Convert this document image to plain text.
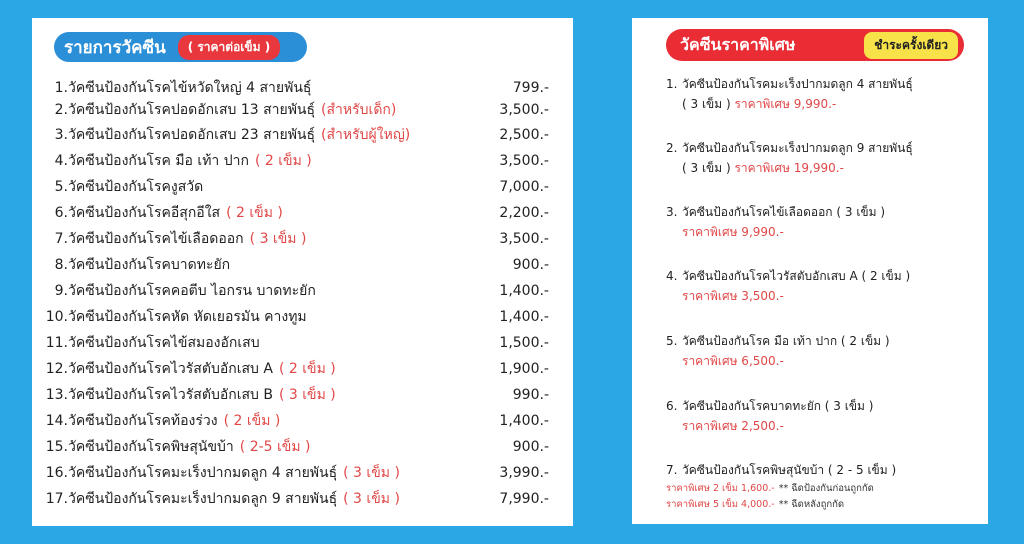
รายการวัคซีน	( ราคาต่อเข็ม )
1. วัคซีนป้องกันโรคไข้หวัดใหญ่ 4 สายพันธุ์	799.-
2. วัคซีนป้องกันโรคปอดอักเสบ 13 สายพันธุ์ (สำหรับเด็ก)	3,500.-
3. วัคซีนป้องกันโรคปอดอักเสบ 23 สายพันธุ์ (สำหรับผู้ใหญ่)	2,500.-
4. วัคซีนป้องกันโรค มือ เท้า ปาก ( 2 เข็ม )	3,500.-
5. วัคซีนป้องกันโรคงูสวัด	7,000.-
6. วัคซีนป้องกันโรคอีสุกอีใส ( 2 เข็ม )	2,200.-
7. วัคซีนป้องกันโรคไข้เลือดออก ( 3 เข็ม )	3,500.-
8. วัคซีนป้องกันโรคบาดทะยัก	900.-
9. วัคซีนป้องกันโรคคอตีบ ไอกรน บาดทะยัก	1,400.-
10. วัคซีนป้องกันโรคหัด หัดเยอรมัน คางทูม	1,400.-
11. วัคซีนป้องกันโรคไข้สมองอักเสบ	1,500.-
12. วัคซีนป้องกันโรคไวรัสตับอักเสบ A ( 2 เข็ม )	1,900.-
13. วัคซีนป้องกันโรคไวรัสตับอักเสบ B ( 3 เข็ม )	990.-
14. วัคซีนป้องกันโรคท้องร่วง ( 2 เข็ม )	1,400.-
15. วัคซีนป้องกันโรคพิษสุนัขบ้า ( 2-5 เข็ม )	900.-
16. วัคซีนป้องกันโรคมะเร็งปากมดลูก 4 สายพันธุ์ ( 3 เข็ม )	3,990.-
17. วัคซีนป้องกันโรคมะเร็งปากมดลูก 9 สายพันธุ์ ( 3 เข็ม )	7,990.-
วัคซีนราคาพิเศษ	ชำระครั้งเดียว
1. วัคซีนป้องกันโรคมะเร็งปากมดลูก 4 สายพันธุ์
( 3 เข็ม )
ราคาพิเศษ 9,990.-
2. วัคซีนป้องกันโรคมะเร็งปากมดลูก 9 สายพันธุ์
( 3 เข็ม )
ราคาพิเศษ 19,990.-
3. วัคซีนป้องกันโรคไข้เลือดออก ( 3 เข็ม )
ราคาพิเศษ 9,990.-
4. วัคซีนป้องกันโรคไวรัสตับอักเสบ A ( 2 เข็ม )
ราคาพิเศษ 3,500.-
5. วัคซีนป้องกันโรค มือ เท้า ปาก ( 2 เข็ม )
ราคาพิเศษ 6,500.-
6. วัคซีนป้องกันโรคบาดทะยัก ( 3 เข็ม )
ราคาพิเศษ 2,500.-
7. วัคซีนป้องกันโรคพิษสุนัขบ้า ( 2 - 5 เข็ม )
ราคาพิเศษ 2 เข็ม 1,600.- ** ฉีดป้องกันก่อนถูกกัด
ราคาพิเศษ 5 เข็ม 4,000.- ** ฉีดหลังถูกกัด
